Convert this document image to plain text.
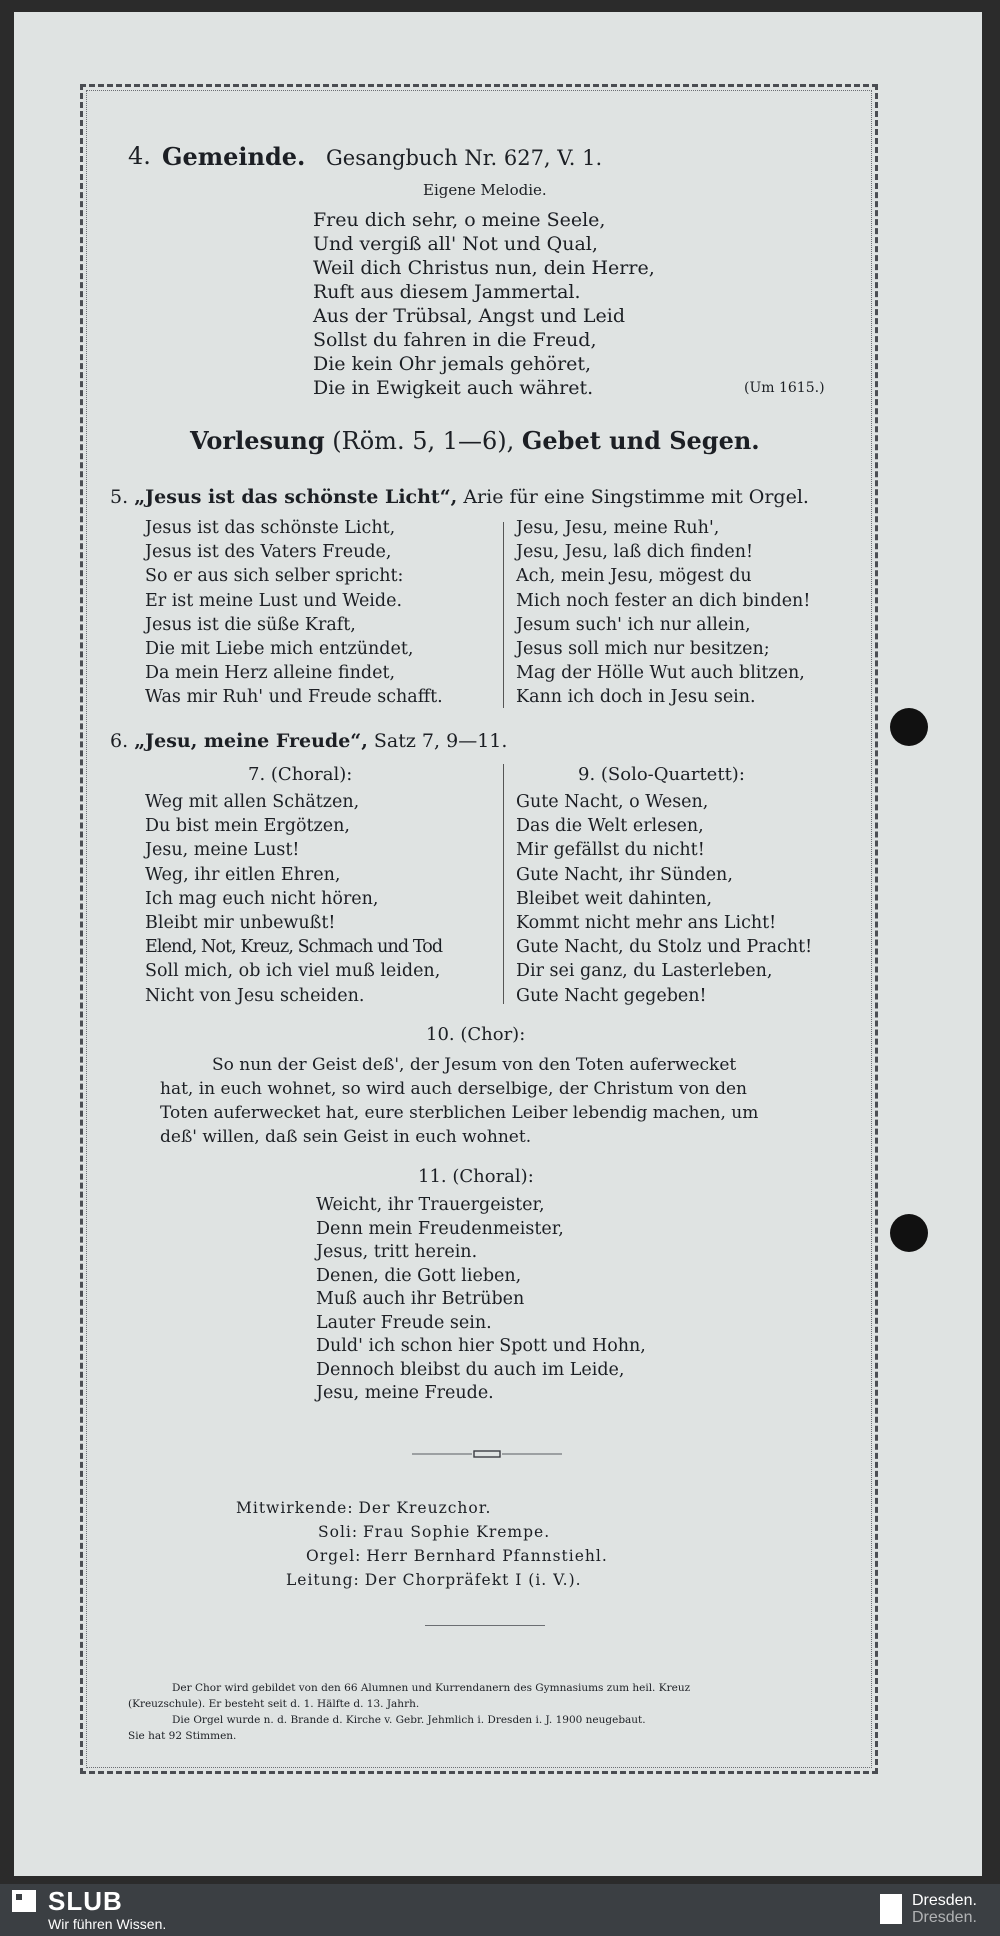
4. Gemeinde. Gesangbuch Nr. 627, V. 1.
Eigene Melodie.
Freu dich sehr, o meine Seele,
Und vergiß all' Not und Qual,
Weil dich Christus nun, dein Herre,
Ruft aus diesem Jammertal.
Aus der Trübsal, Angst und Leid
Sollst du fahren in die Freud,
Die kein Ohr jemals gehöret,
Die in Ewigkeit auch währet.	(Um 1615.)
Vorlesung (Röm. 5, 1—6), Gebet und Segen.
5. „Jesus ist das schönste Licht“, Arie für eine Singstimme mit Orgel.
Jesus ist das schönste Licht,
Jesus ist des Vaters Freude,
So er aus sich selber spricht:
Er ist meine Lust und Weide.
Jesus ist die süße Kraft,
Die mit Liebe mich entzündet,
Da mein Herz alleine findet,
Was mir Ruh' und Freude schafft.
Jesu, Jesu, meine Ruh',
Jesu, Jesu, laß dich finden!
Ach, mein Jesu, mögest du
Mich noch fester an dich binden!
Jesum such' ich nur allein,
Jesus soll mich nur besitzen;
Mag der Hölle Wut auch blitzen,
Kann ich doch in Jesu sein.
6. „Jesu, meine Freude“, Satz 7, 9—11.
7. (Choral):	9. (Solo-Quartett):
Weg mit allen Schätzen,
Du bist mein Ergötzen,
Jesu, meine Lust!
Weg, ihr eitlen Ehren,
Ich mag euch nicht hören,
Bleibt mir unbewußt!
Elend, Not, Kreuz, Schmach und Tod
Soll mich, ob ich viel muß leiden,
Nicht von Jesu scheiden.
Gute Nacht, o Wesen,
Das die Welt erlesen,
Mir gefällst du nicht!
Gute Nacht, ihr Sünden,
Bleibet weit dahinten,
Kommt nicht mehr ans Licht!
Gute Nacht, du Stolz und Pracht!
Dir sei ganz, du Lasterleben,
Gute Nacht gegeben!
10. (Chor):
So nun der Geist deß', der Jesum von den Toten auferwecket
hat, in euch wohnet, so wird auch derselbige, der Christum von den
Toten auferwecket hat, eure sterblichen Leiber lebendig machen, um
deß' willen, daß sein Geist in euch wohnet.
11. (Choral):
Weicht, ihr Trauergeister,
Denn mein Freudenmeister,
Jesus, tritt herein.
Denen, die Gott lieben,
Muß auch ihr Betrüben
Lauter Freude sein.
Duld' ich schon hier Spott und Hohn,
Dennoch bleibst du auch im Leide,
Jesu, meine Freude.
Mitwirkende: Der Kreuzchor.
Soli: Frau Sophie Krempe.
Orgel: Herr Bernhard Pfannstiehl.
Leitung: Der Chorpräfekt I (i. V.).
Der Chor wird gebildet von den 66 Alumnen und Kurrendanern des Gymnasiums zum heil. Kreuz
(Kreuzschule). Er besteht seit d. 1. Hälfte d. 13. Jahrh.
Die Orgel wurde n. d. Brande d. Kirche v. Gebr. Jehmlich i. Dresden i. J. 1900 neugebaut.
Sie hat 92 Stimmen.
SLUB
Wir führen Wissen.
Dresden.
Dresden.
